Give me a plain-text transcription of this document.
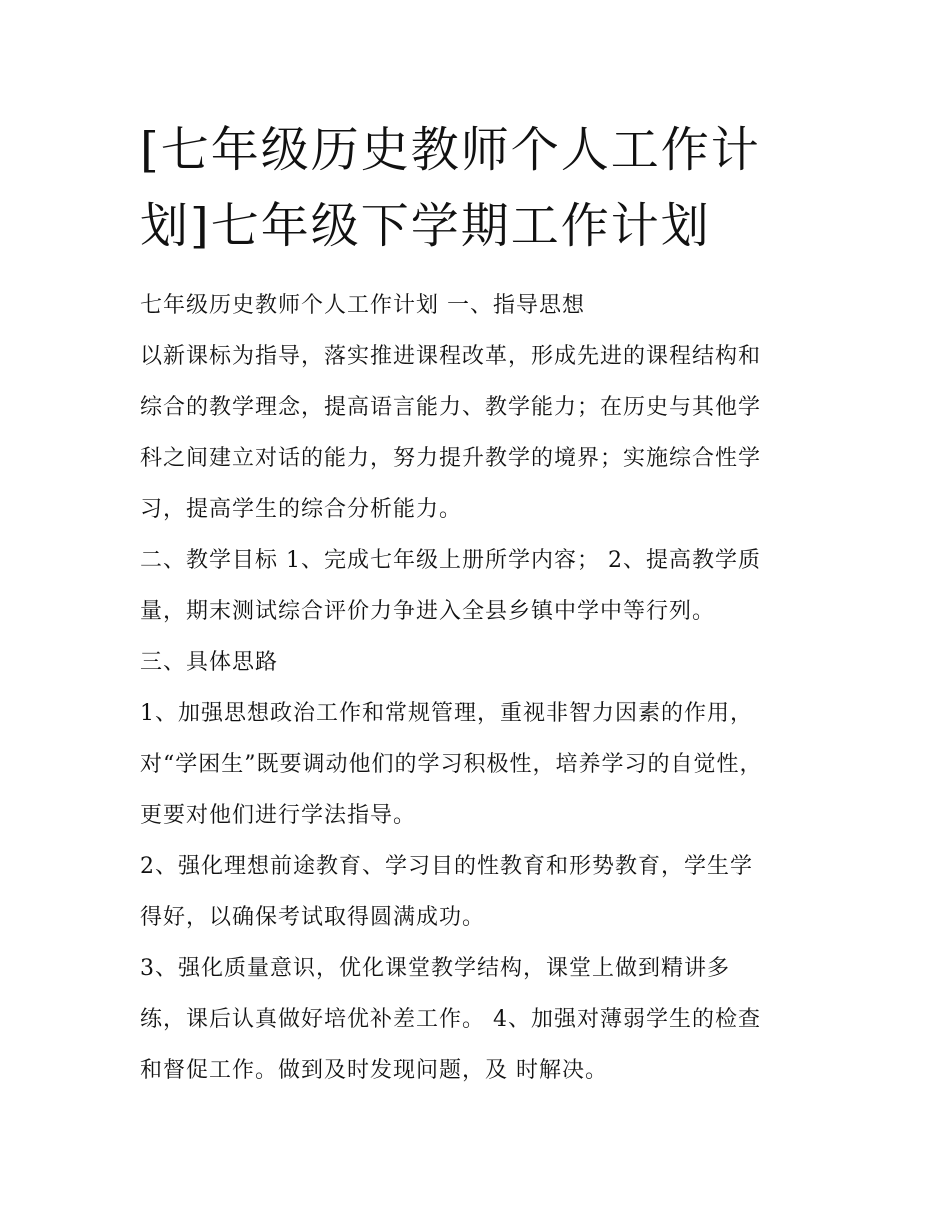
[七年级历史教师个人工作计
划]七年级下学期工作计划
七年级历史教师个人工作计划 一、指导思想
以新课标为指导，落实推进课程改革，形成先进的课程结构和
综合的教学理念，提高语言能力、教学能力；在历史与其他学
科之间建立对话的能力，努力提升教学的境界；实施综合性学
习，提高学生的综合分析能力。
二、教学目标 1、完成七年级上册所学内容； 2、提高教学质
量，期末测试综合评价力争进入全县乡镇中学中等行列。
三、具体思路
1、加强思想政治工作和常规管理，重视非智力因素的作用，
对“学困生”既要调动他们的学习积极性，培养学习的自觉性，
更要对他们进行学法指导。
2、强化理想前途教育、学习目的性教育和形势教育，学生学
得好，以确保考试取得圆满成功。
3、强化质量意识，优化课堂教学结构，课堂上做到精讲多
练，课后认真做好培优补差工作。 4、加强对薄弱学生的检查
和督促工作。做到及时发现问题，及 时解决。
